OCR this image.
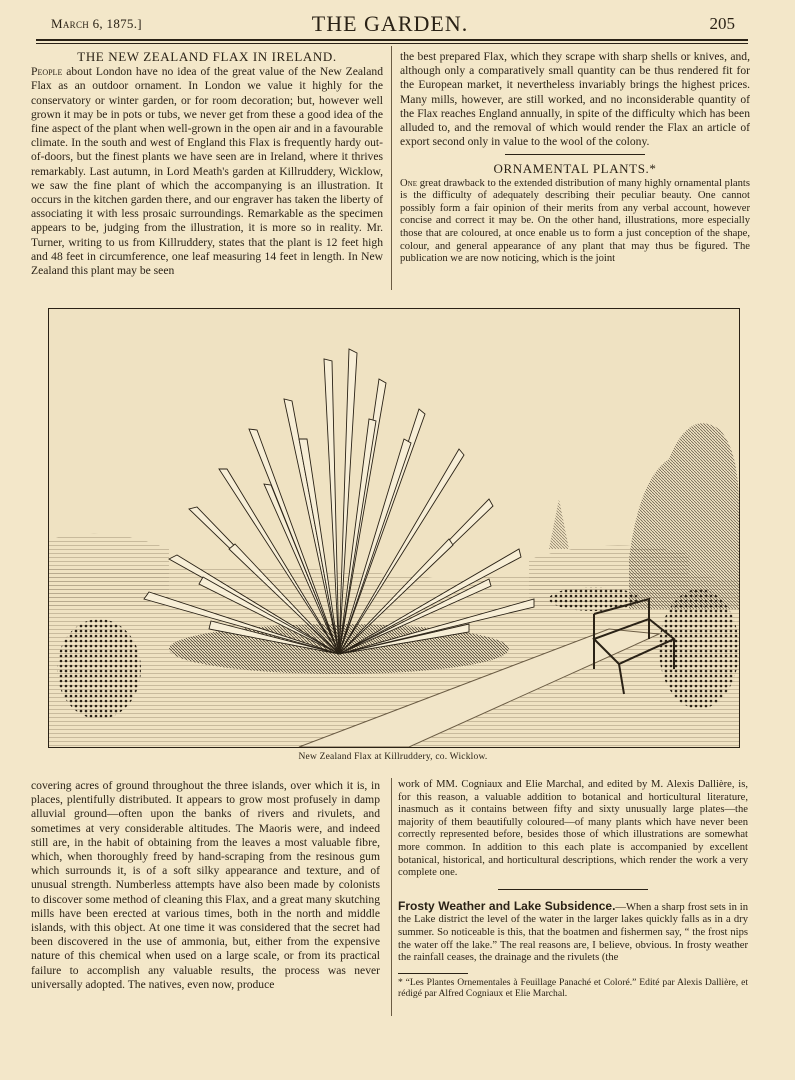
March 6, 1875.]	THE GARDEN.	205
THE NEW ZEALAND FLAX IN IRELAND.

People about London have no idea of the great value of the New Zealand Flax as an outdoor ornament. In London we value it highly for the conservatory or winter garden, or for room decoration; but, however well grown it may be in pots or tubs, we never get from these a good idea of the fine aspect of the plant when well-grown in the open air and in a favourable climate. In the south and west of England this Flax is frequently hardy out-of-doors, but the finest plants we have seen are in Ireland, where it thrives remarkably. Last autumn, in Lord Meath's garden at Killruddery, Wicklow, we saw the fine plant of which the accompanying is an illustration. It occurs in the kitchen garden there, and our engraver has taken the liberty of associating it with less prosaic surroundings. Remarkable as the specimen appears to be, judging from the illustration, it is more so in reality. Mr. Turner, writing to us from Killruddery, states that the plant is 12 feet high and 48 feet in circumference, one leaf measuring 14 feet in length. In New Zealand this plant may be seen

the best prepared Flax, which they scrape with sharp shells or knives, and, although only a comparatively small quantity can be thus rendered fit for the European market, it nevertheless invariably brings the highest prices. Many mills, however, are still worked, and no inconsiderable quantity of the Flax reaches England annually, in spite of the difficulty which has been alluded to, and the removal of which would render the Flax an article of export second only in value to the wool of the colony.

ORNAMENTAL PLANTS.*

One great drawback to the extended distribution of many highly ornamental plants is the difficulty of adequately describing their peculiar beauty. One cannot possibly form a fair opinion of their merits from any verbal account, however concise and correct it may be. On the other hand, illustrations, more especially those that are coloured, at once enable us to form a just conception of the shape, colour, and general appearance of any plant that may thus be figured. The publication we are now noticing, which is the joint

New Zealand Flax at Killruddery, co. Wicklow.

covering acres of ground throughout the three islands, over which it is, in places, plentifully distributed. It appears to grow most profusely in damp alluvial ground—often upon the banks of rivers and rivulets, and sometimes at very considerable altitudes. The Maoris were, and indeed still are, in the habit of obtaining from the leaves a most valuable fibre, which, when thoroughly freed by hand-scraping from the resinous gum which surrounds it, is of a soft silky appearance and texture, and of unusual strength. Numberless attempts have also been made by colonists to discover some method of cleaning this Flax, and a great many skutching mills have been erected at various times, both in the north and middle islands, with this object. At one time it was considered that the secret had been discovered in the use of ammonia, but, either from the expensive nature of this chemical when used on a large scale, or from its practical failure to accomplish any valuable results, the process was never universally adopted. The natives, even now, produce

work of MM. Cogniaux and Elie Marchal, and edited by M. Alexis Dallière, is, for this reason, a valuable addition to botanical and horticultural literature, inasmuch as it contains between fifty and sixty unusually large plates—the majority of them beautifully coloured—of many plants which have never been correctly represented before, besides those of which illustrations are somewhat more common. In addition to this each plate is accompanied by excellent botanical, historical, and horticultural descriptions, which render the work a very complete one.

Frosty Weather and Lake Subsidence.—When a sharp frost sets in in the Lake district the level of the water in the larger lakes quickly falls as in a dry summer. So noticeable is this, that the boatmen and fishermen say, “ the frost nips the water off the lake.” The real reasons are, I believe, obvious. In frosty weather the rainfall ceases, the drainage and the rivulets (the

* “Les Plantes Ornementales à Feuillage Panaché et Coloré.” Edité par Alexis Dallière, et rédigé par Alfred Cogniaux et Elie Marchal.
